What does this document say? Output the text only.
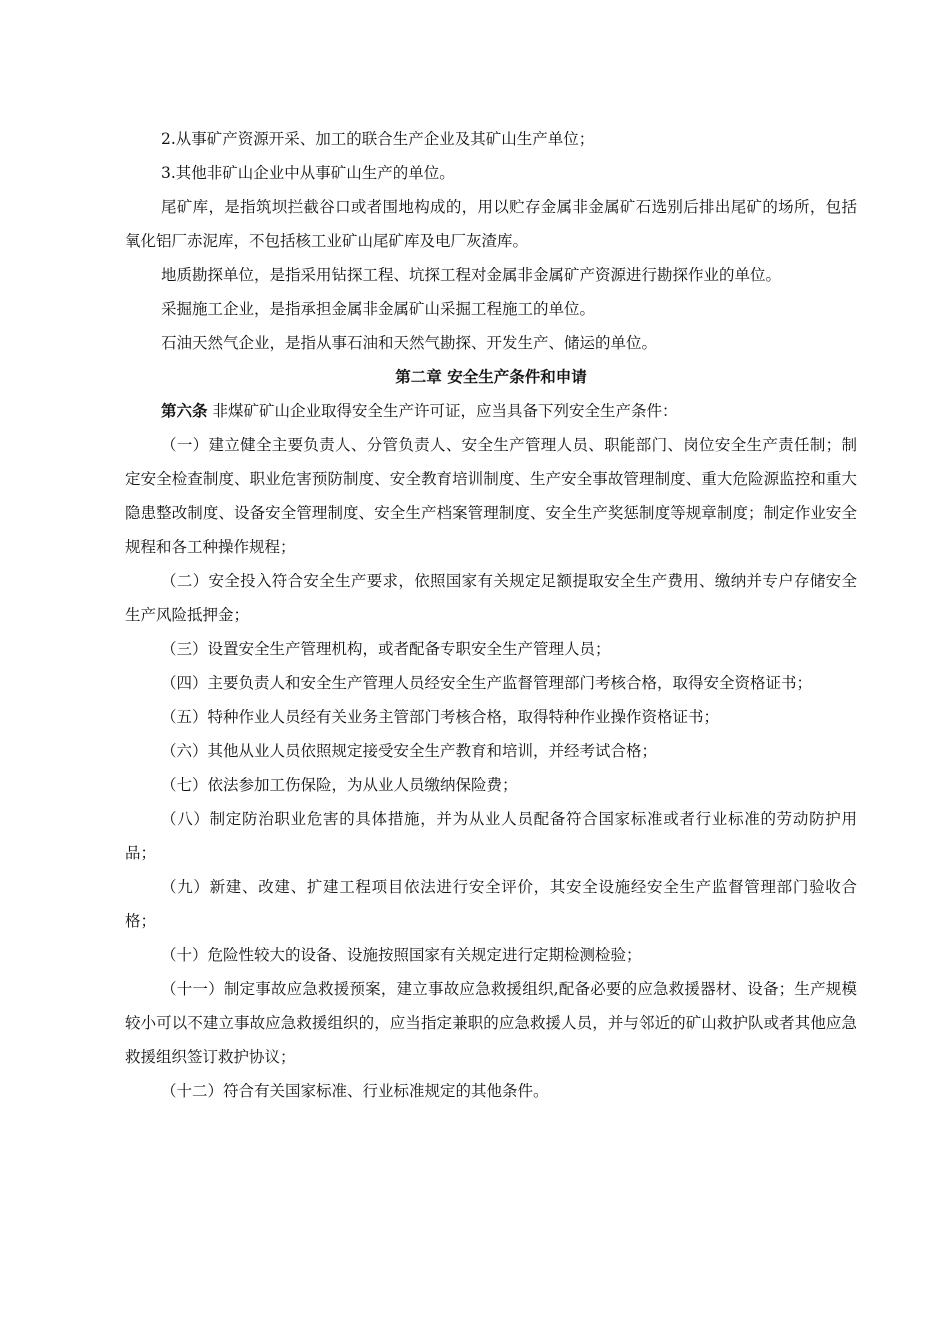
2.从事矿产资源开采、加工的联合生产企业及其矿山生产单位；

3.其他非矿山企业中从事矿山生产的单位。

尾矿库，是指筑坝拦截谷口或者围地构成的，用以贮存金属非金属矿石选别后排出尾矿的场所，包括氧化铝厂赤泥库，不包括核工业矿山尾矿库及电厂灰渣库。

地质勘探单位，是指采用钻探工程、坑探工程对金属非金属矿产资源进行勘探作业的单位。

采掘施工企业，是指承担金属非金属矿山采掘工程施工的单位。

石油天然气企业，是指从事石油和天然气勘探、开发生产、储运的单位。

第二章 安全生产条件和申请

第六条 非煤矿矿山企业取得安全生产许可证，应当具备下列安全生产条件：

（一）建立健全主要负责人、分管负责人、安全生产管理人员、职能部门、岗位安全生产责任制；制定安全检查制度、职业危害预防制度、安全教育培训制度、生产安全事故管理制度、重大危险源监控和重大隐患整改制度、设备安全管理制度、安全生产档案管理制度、安全生产奖惩制度等规章制度；制定作业安全规程和各工种操作规程；

（二）安全投入符合安全生产要求，依照国家有关规定足额提取安全生产费用、缴纳并专户存储安全生产风险抵押金；

（三）设置安全生产管理机构，或者配备专职安全生产管理人员；

（四）主要负责人和安全生产管理人员经安全生产监督管理部门考核合格，取得安全资格证书；

（五）特种作业人员经有关业务主管部门考核合格，取得特种作业操作资格证书；

（六）其他从业人员依照规定接受安全生产教育和培训，并经考试合格；

（七）依法参加工伤保险，为从业人员缴纳保险费；

（八）制定防治职业危害的具体措施，并为从业人员配备符合国家标准或者行业标准的劳动防护用品；

（九）新建、改建、扩建工程项目依法进行安全评价，其安全设施经安全生产监督管理部门验收合格；

（十）危险性较大的设备、设施按照国家有关规定进行定期检测检验；

（十一）制定事故应急救援预案，建立事故应急救援组织,配备必要的应急救援器材、设备；生产规模较小可以不建立事故应急救援组织的，应当指定兼职的应急救援人员，并与邻近的矿山救护队或者其他应急救援组织签订救护协议；

（十二）符合有关国家标准、行业标准规定的其他条件。
